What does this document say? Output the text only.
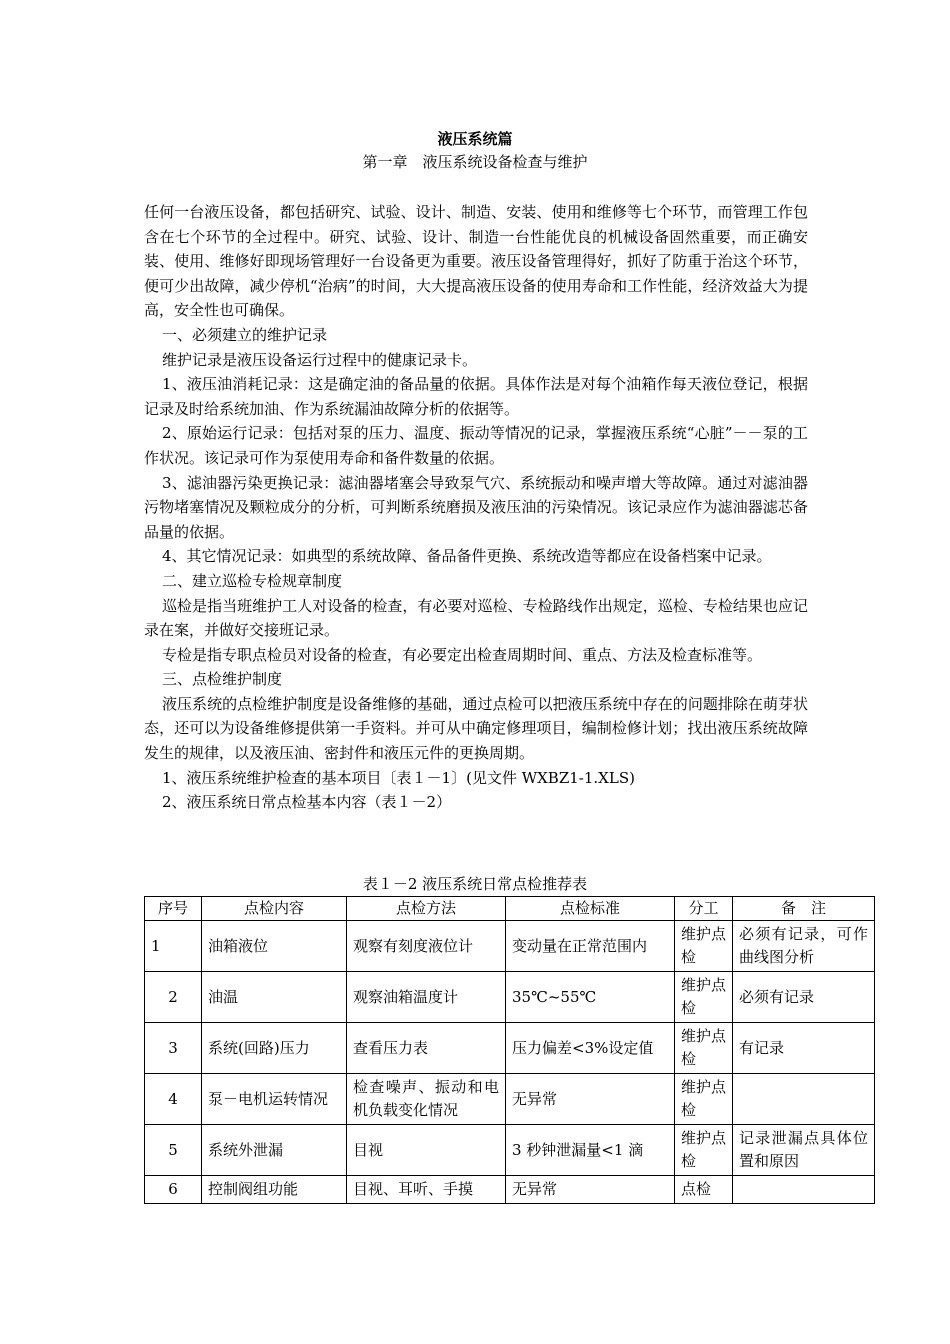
液压系统篇
第一章　液压系统设备检查与维护

任何一台液压设备，都包括研究、试验、设计、制造、安装、使用和维修等七个环节，而管理工作包含在七个环节的全过程中。研究、试验、设计、制造一台性能优良的机械设备固然重要，而正确安装、使用、维修好即现场管理好一台设备更为重要。液压设备管理得好，抓好了防重于治这个环节，便可少出故障，减少停机“治病”的时间，大大提高液压设备的使用寿命和工作性能，经济效益大为提高，安全性也可确保。

一、必须建立的维护记录

维护记录是液压设备运行过程中的健康记录卡。

1、液压油消耗记录：这是确定油的备品量的依据。具体作法是对每个油箱作每天液位登记，根据记录及时给系统加油、作为系统漏油故障分析的依据等。

2、原始运行记录：包括对泵的压力、温度、振动等情况的记录，掌握液压系统“心脏”－－泵的工作状况。该记录可作为泵使用寿命和备件数量的依据。

3、滤油器污染更换记录：滤油器堵塞会导致泵气穴、系统振动和噪声增大等故障。通过对滤油器污物堵塞情况及颗粒成分的分析，可判断系统磨损及液压油的污染情况。该记录应作为滤油器滤芯备品量的依据。

4、其它情况记录：如典型的系统故障、备品备件更换、系统改造等都应在设备档案中记录。

二、建立巡检专检规章制度

巡检是指当班维护工人对设备的检查，有必要对巡检、专检路线作出规定，巡检、专检结果也应记录在案，并做好交接班记录。

专检是指专职点检员对设备的检查，有必要定出检查周期时间、重点、方法及检查标准等。

三、点检维护制度

液压系统的点检维护制度是设备维修的基础，通过点检可以把液压系统中存在的问题排除在萌芽状态，还可以为设备维修提供第一手资料。并可从中确定修理项目，编制检修计划；找出液压系统故障发生的规律，以及液压油、密封件和液压元件的更换周期。

1、液压系统维护检查的基本项目〔表１－1〕(见文件 WXBZ1-1.XLS)

2、液压系统日常点检基本内容（表１－2）

表１－2 液压系统日常点检推荐表
序号	点检内容	点检方法	点检标准	分工	备　注
1	油箱液位	观察有刻度液位计	变动量在正常范围内	维护点检	必须有记录，可作曲线图分析
2	油温	观察油箱温度计	35℃~55℃	维护点检	必须有记录
3	系统(回路)压力	查看压力表	压力偏差<3%设定值	维护点检	有记录
4	泵－电机运转情况	检查噪声、振动和电机负载变化情况	无异常	维护点检	
5	系统外泄漏	目视	3 秒钟泄漏量<1 滴	维护点检	记录泄漏点具体位置和原因
6	控制阀组功能	目视、耳听、手摸	无异常	点检	
